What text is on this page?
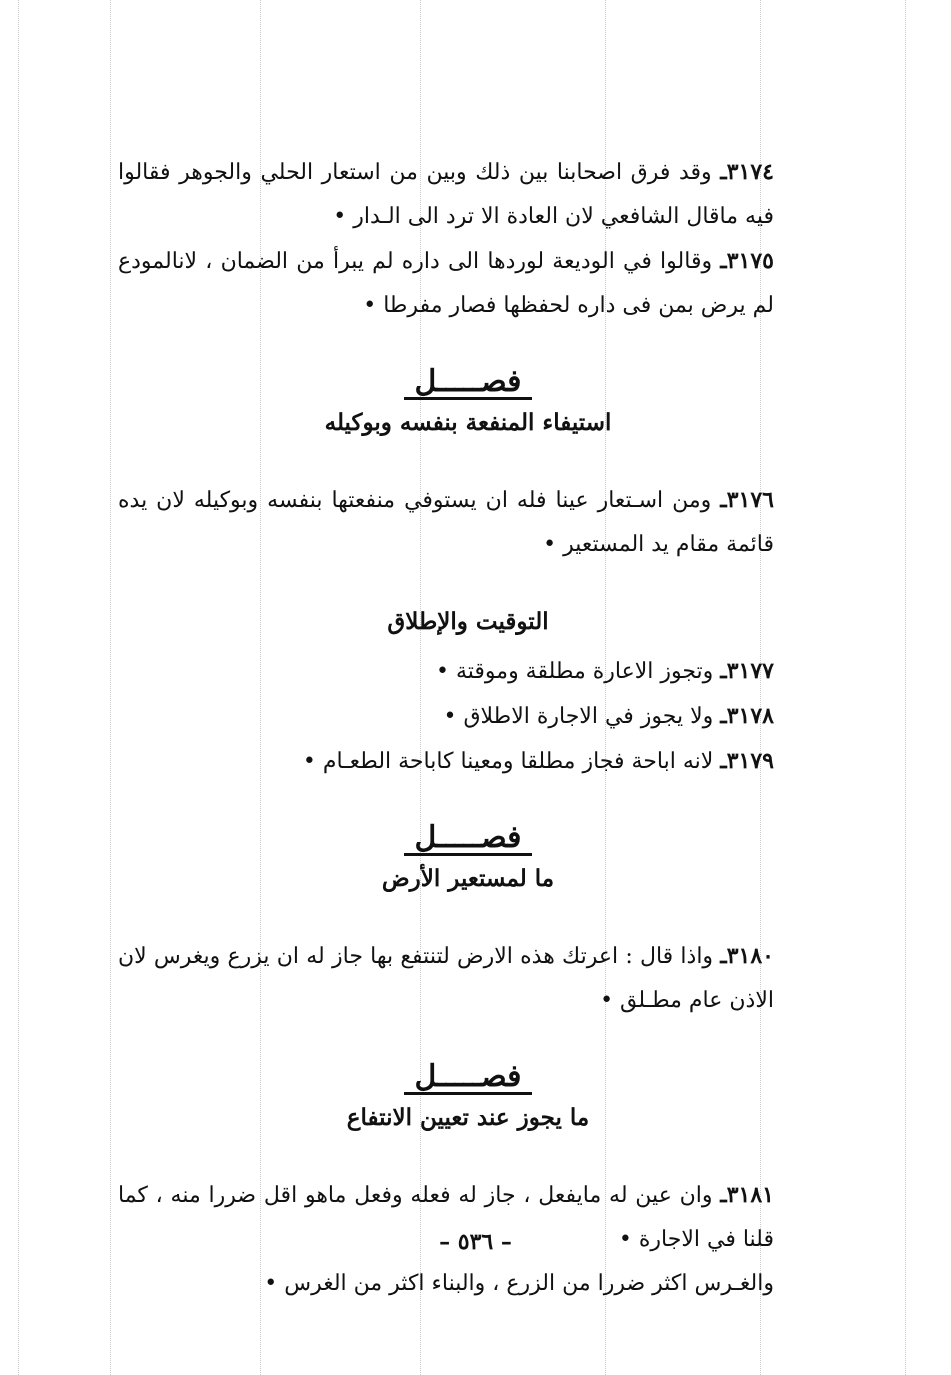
٣١٧٤ـ وقد فرق اصحابنا بين ذلك وبين من استعار الحلي والجوهر فقالوا فيه ماقال الشافعي لان العادة الا ترد الى الـدار •

٣١٧٥ـ وقالوا في الوديعة لوردها الى داره لم يبرأ من الضمان ، لانالمودع لم يرض بمن فى داره لحفظها فصار مفرطا •

فصـــــل

استيفاء المنفعة بنفسه وبوكيله

٣١٧٦ـ ومن اسـتعار عينا فله ان يستوفي منفعتها بنفسه وبوكيله لان يده قائمة مقام يد المستعير •

التوقيت والإطلاق

٣١٧٧ـ وتجوز الاعارة مطلقة وموقتة •

٣١٧٨ـ ولا يجوز في الاجارة الاطلاق •

٣١٧٩ـ لانه اباحة فجاز مطلقا ومعينا كاباحة الطعـام •

فصـــــل

ما لمستعير الأرض

٣١٨٠ـ واذا قال : اعرتك هذه الارض لتنتفع بها جاز له ان يزرع ويغرس لان الاذن عام مطـلق •

فصـــــل

ما يجوز عند تعيين الانتفاع

٣١٨١ـ وان عين له مايفعل ، جاز له فعله وفعل ماهو اقل ضررا منه ، كما قلنا في الاجارة •

والغـرس اكثر ضررا من الزرع ، والبناء اكثر من الغرس •

– ٥٣٦ –
